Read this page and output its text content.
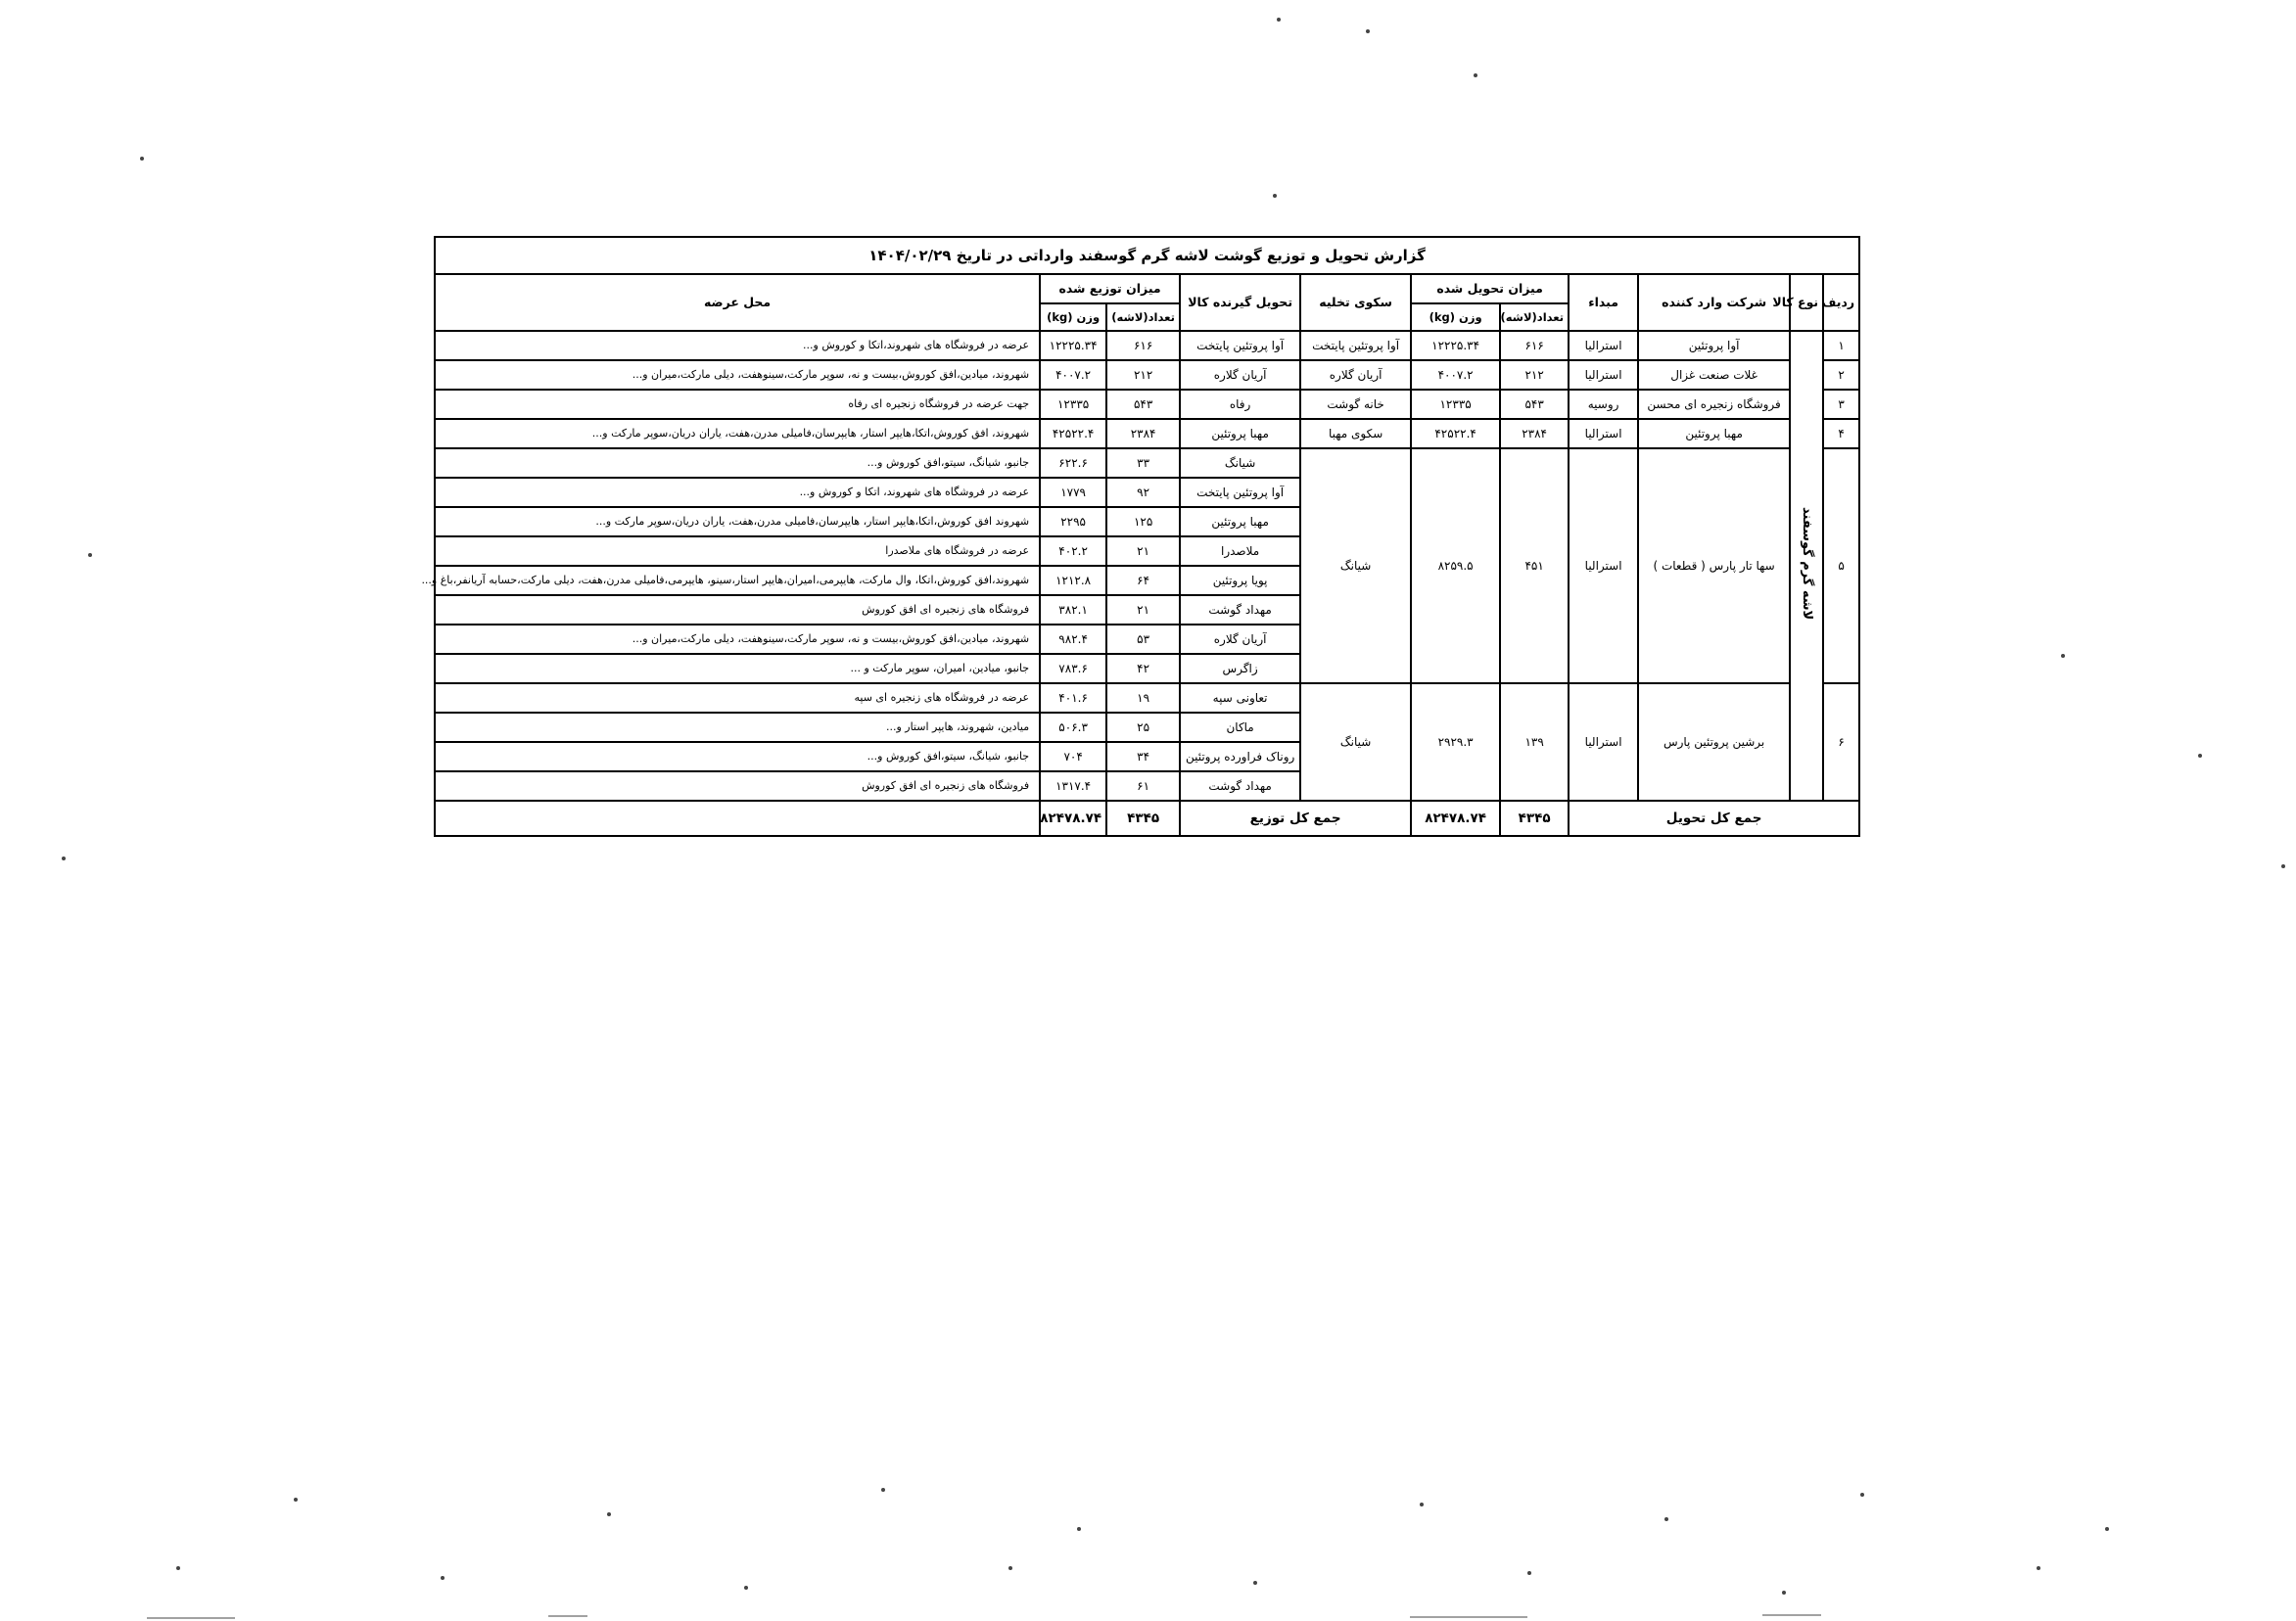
گزارش تحویل و توزیع گوشت لاشه گرم گوسفند وارداتی در تاریخ ۱۴۰۴/۰۲/۲۹										
ردیف	نوع کالا	شرکت وارد کننده	مبداء	میزان تحویل شده		سکوی تخلیه	تحویل گیرنده کالا	میزان توزیع شده		محل عرضه
				تعداد(لاشه)	وزن (kg)			تعداد(لاشه)	وزن (kg)	
۱	لاشه گرم گوسفند	آوا پروتئین	استرالیا	۶۱۶	۱۲۲۲۵.۳۴	آوا پروتئین پایتخت	آوا پروتئین پایتخت	۶۱۶	۱۲۲۲۵.۳۴	عرضه در فروشگاه های شهروند،اتکا و کوروش و...
۲		غلات صنعت غزال	استرالیا	۲۱۲	۴۰۰۷.۲	آریان گلاره	آریان گلاره	۲۱۲	۴۰۰۷.۲	شهروند، میادین،افق کوروش،بیست و نه، سوپر مارکت،سینوهفت، دیلی مارکت،میران و...
۳		فروشگاه زنجیره ای محسن	روسیه	۵۴۳	۱۲۳۳۵	خانه گوشت	رفاه	۵۴۳	۱۲۳۳۵	جهت عرضه در فروشگاه زنجیره ای رفاه
۴		مهبا پروتئین	استرالیا	۲۳۸۴	۴۲۵۲۲.۴	سکوی مهبا	مهبا پروتئین	۲۳۸۴	۴۲۵۲۲.۴	شهروند، افق کوروش،اتکا،هایپر استار، هایپرسان،فامیلی مدرن،هفت، یاران دریان،سوپر مارکت و...
۵		سها تار پارس ( قطعات )	استرالیا	۴۵۱	۸۲۵۹.۵	شیانگ	شیانگ	۳۳	۶۲۲.۶	جانبو، شیانگ، سیتو،افق کوروش و...
							آوا پروتئین پایتخت	۹۲	۱۷۷۹	عرضه در فروشگاه های شهروند، اتکا و کوروش و...
							مهبا پروتئین	۱۲۵	۲۲۹۵	شهروند افق کوروش،اتکا،هایپر استار، هایپرسان،فامیلی مدرن،هفت، یاران دریان،سوپر مارکت و...
							ملاصدرا	۲۱	۴۰۲.۲	عرضه در فروشگاه های ملاصدرا
							پویا پروتئین	۶۴	۱۲۱۲.۸	شهروند،افق کوروش،اتکا، وال مارکت، هایپرمی،امیران،هایپر استار،سینو، هایپرمی،فامیلی مدرن،هفت، دیلی مارکت،حسابه آریانفر،باغ و...
							مهداد گوشت	۲۱	۳۸۲.۱	فروشگاه های زنجیره ای افق کوروش
							آریان گلاره	۵۳	۹۸۲.۴	شهروند، میادین،افق کوروش،بیست و نه، سوپر مارکت،سینوهفت، دیلی مارکت،میران و...
							زاگرس	۴۲	۷۸۳.۶	جانبو، میادین، امیران، سوپر مارکت و ...
۶		برشین پروتئین پارس	استرالیا	۱۳۹	۲۹۲۹.۳	شیانگ	تعاونی سپه	۱۹	۴۰۱.۶	عرضه در فروشگاه های زنجیره ای سپه
							ماکان	۲۵	۵۰۶.۳	میادین، شهروند، هایپر استار و...
							روناک فراورده پروتئین	۳۴	۷۰۴	جانبو، شیانگ، سیتو،افق کوروش و...
							مهداد گوشت	۶۱	۱۳۱۷.۴	فروشگاه های زنجیره ای افق کوروش
جمع کل تحویل				۴۳۴۵	۸۲۴۷۸.۷۴	جمع کل توزیع		۴۳۴۵	۸۲۴۷۸.۷۴	
